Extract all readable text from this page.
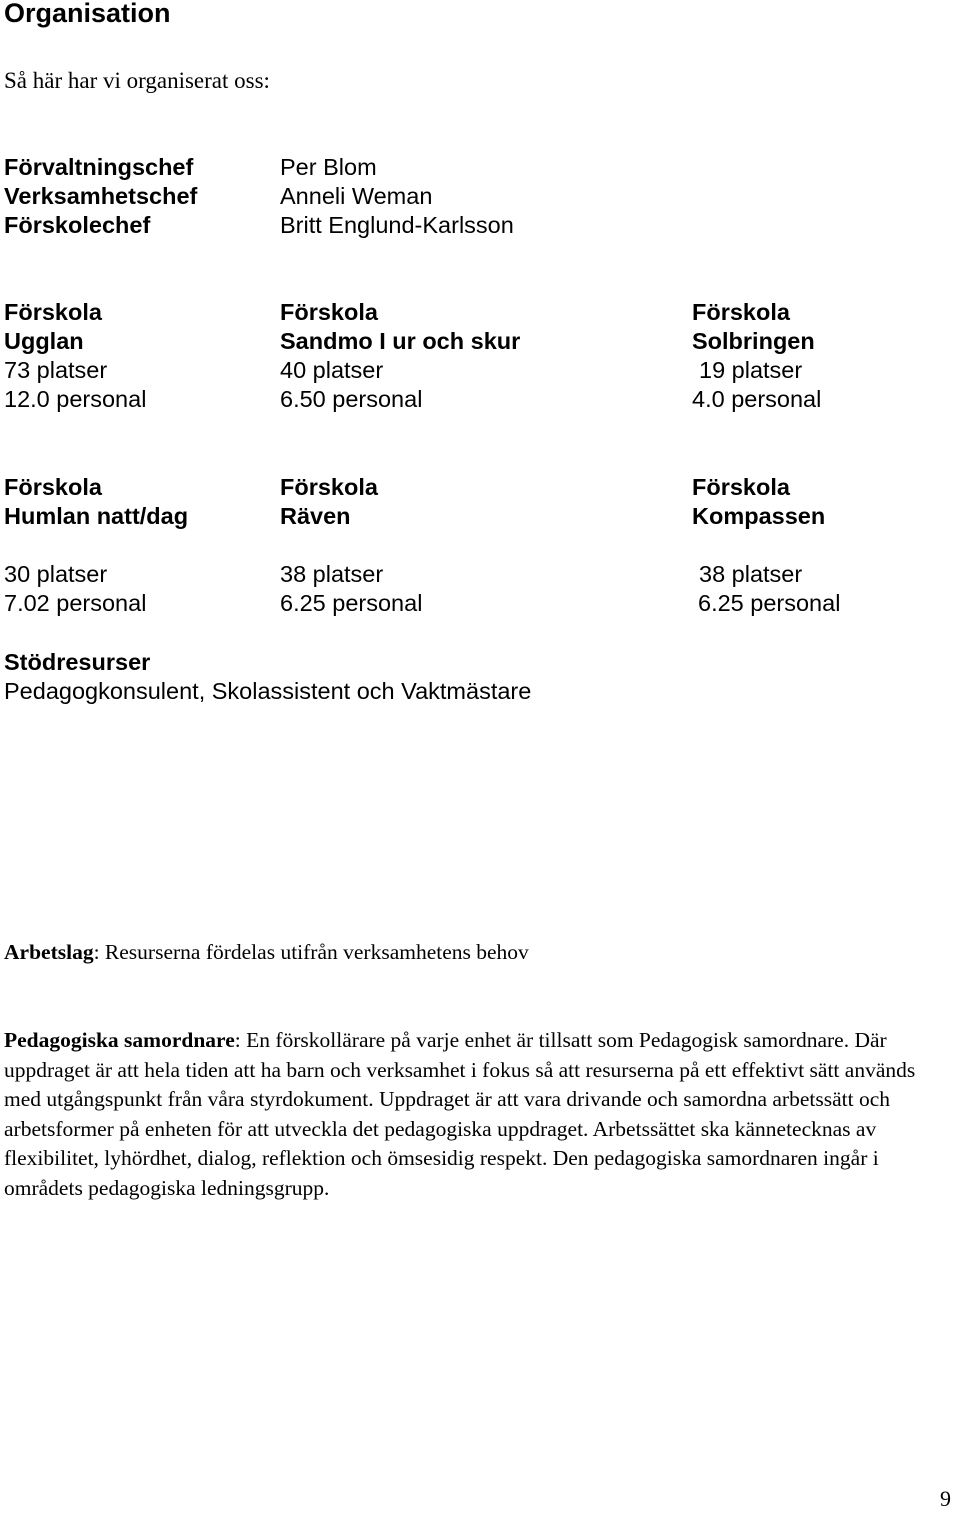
Organisation
Så här har vi organiserat oss:
Förvaltningschef
Verksamhetschef
Förskolechef
Per Blom
Anneli Weman
Britt Englund-Karlsson
Förskola
Ugglan
73 platser
12.0 personal
Förskola
Sandmo I ur och skur
40 platser
6.50 personal
Förskola
Solbringen
19 platser
4.0 personal
Förskola
Humlan natt/dag
30 platser
7.02 personal
Förskola
Räven
38 platser
6.25 personal
Förskola
Kompassen
38 platser
6.25 personal
Stödresurser
Pedagogkonsulent, Skolassistent och Vaktmästare
Arbetslag: Resurserna fördelas utifrån verksamhetens behov
Pedagogiska samordnare: En förskollärare på varje enhet är tillsatt som Pedagogisk samordnare. Där uppdraget är att hela tiden att ha barn och verksamhet i fokus så att resurserna på ett effektivt sätt används med utgångspunkt från våra styrdokument. Uppdraget är att vara drivande och samordna arbetssätt och arbetsformer på enheten för att utveckla det pedagogiska uppdraget. Arbetssättet ska kännetecknas av flexibilitet, lyhördhet, dialog, reflektion och ömsesidig respekt. Den pedagogiska samordnaren ingår i områdets pedagogiska ledningsgrupp.
9
